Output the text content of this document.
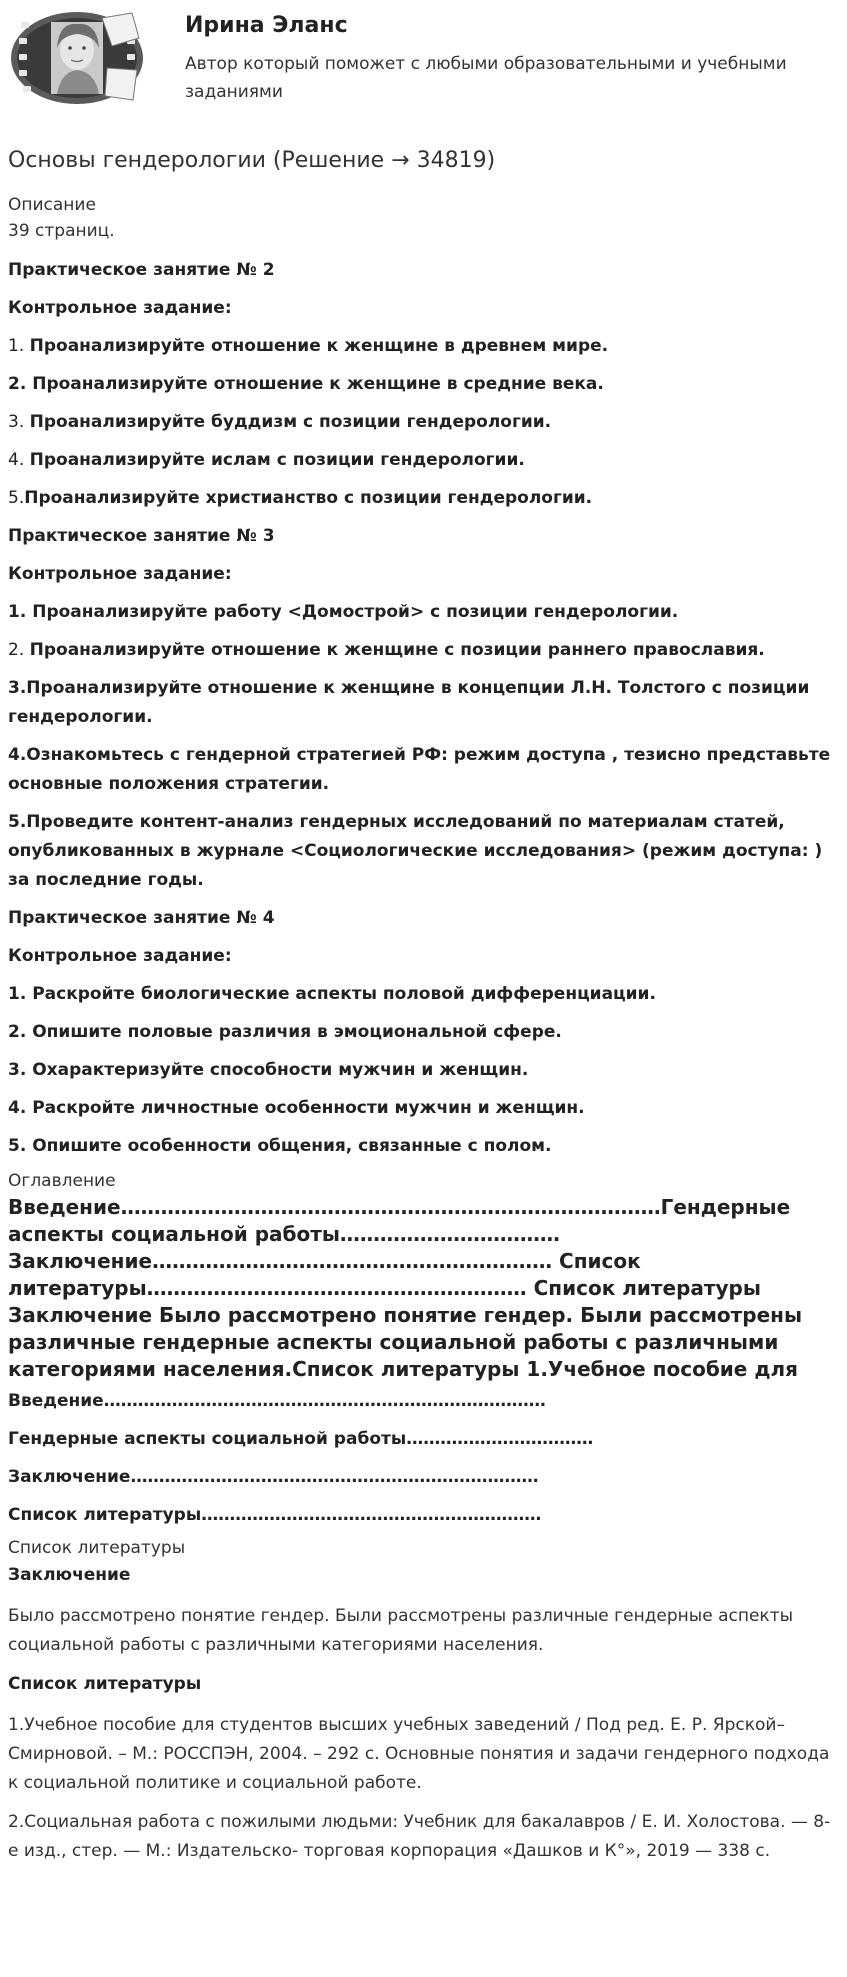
Ирина Эланс
Автор который поможет с любыми образовательными и учебными заданиями
Основы гендерологии (Решение → 34819)
Описание
39 страниц.
Практическое занятие № 2
Контрольное задание:
1. Проанализируйте отношение к женщине в древнем мире.
2. Проанализируйте отношение к женщине в средние века.
3. Проанализируйте буддизм с позиции гендерологии.
4. Проанализируйте ислам с позиции гендерологии.
5.Проанализируйте христианство с позиции гендерологии.
Практическое занятие № 3
Контрольное задание:
1. Проанализируйте работу <Домострой> с позиции гендерологии.
2. Проанализируйте отношение к женщине с позиции раннего православия.
3.Проанализируйте отношение к женщине в концепции Л.Н. Толстого с позиции гендерологии.
4.Ознакомьтесь с гендерной стратегией РФ: режим доступа , тезисно представьте основные положения стратегии.
5.Проведите контент-анализ гендерных исследований по материалам статей, опубликованных в журнале <Социологические исследования> (режим доступа: ) за последние годы.
Практическое занятие № 4
Контрольное задание:
1. Раскройте биологические аспекты половой дифференциации.
2. Опишите половые различия в эмоциональной сфере.
3. Охарактеризуйте способности мужчин и женщин.
4. Раскройте личностные особенности мужчин и женщин.
5. Опишите особенности общения, связанные с полом.
Оглавление
Введение………………………………………………………………………Гендерные аспекты социальной работы……………………………Заключение…………………………………………………… Список литературы………………………………………………… Список литературы Заключение Было рассмотрено понятие гендер. Были рассмотрены различные гендерные аспекты социальной работы с различными категориями населения.Список литературы 1.Учебное пособие для
Введение……………………………………………………………………
Гендерные аспекты социальной работы……………………………
Заключение………………………………………………………………
Список литературы……………………………………………………
Список литературы
Заключение
Было рассмотрено понятие гендер. Были рассмотрены различные гендерные аспекты социальной работы с различными категориями населения.
Список литературы
1.Учебное пособие для студентов высших учебных заведений / Под ред. Е. Р. Ярской–Смирновой. – М.: РОССПЭН, 2004. – 292 с. Основные понятия и задачи гендерного подхода к социальной политике и социальной работе.
2.Социальная работа с пожилыми людьми: Учебник для бакалавров / Е. И. Холостова. — 8-е изд., стер. — М.: Издательско- торговая корпорация «Дашков и К°», 2019 — 338 с.
